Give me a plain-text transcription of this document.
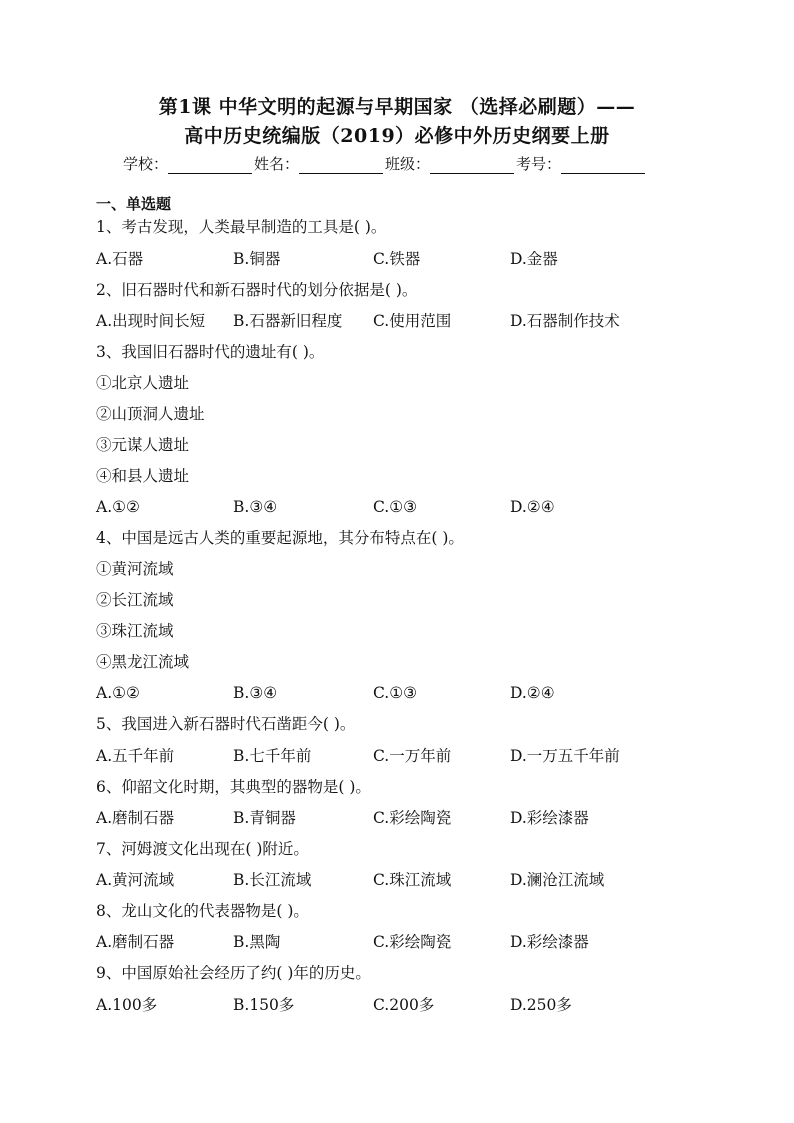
第1课 中华文明的起源与早期国家 （选择必刷题）——
高中历史统编版（2019）必修中外历史纲要上册
学校：	姓名：	班级：	考号：
一、单选题
1、考古发现，人类最早制造的工具是( )。
A.石器	B.铜器	C.铁器	D.金器
2、旧石器时代和新石器时代的划分依据是( )。
A.出现时间长短 B.石器新旧程度 C.使用范围	D.石器制作技术
3、我国旧石器时代的遗址有( )。
①北京人遗址
②山顶洞人遗址
③元谋人遗址
④和县人遗址
A.①②	B.③④	C.①③	D.②④
4、中国是远古人类的重要起源地，其分布特点在( )。
①黄河流域
②长江流域
③珠江流域
④黑龙江流域
A.①②	B.③④	C.①③	D.②④
5、我国进入新石器时代石凿距今( )。
A.五千年前	B.七千年前	C.一万年前	D.一万五千年前
6、仰韶文化时期，其典型的器物是( )。
A.磨制石器	B.青铜器	C.彩绘陶瓷	D.彩绘漆器
7、河姆渡文化出现在( )附近。
A.黄河流域	B.长江流域	C.珠江流域	D.澜沧江流域
8、龙山文化的代表器物是( )。
A.磨制石器	B.黑陶	C.彩绘陶瓷	D.彩绘漆器
9、中国原始社会经历了约( )年的历史。
A.100多	B.150多	C.200多	D.250多
